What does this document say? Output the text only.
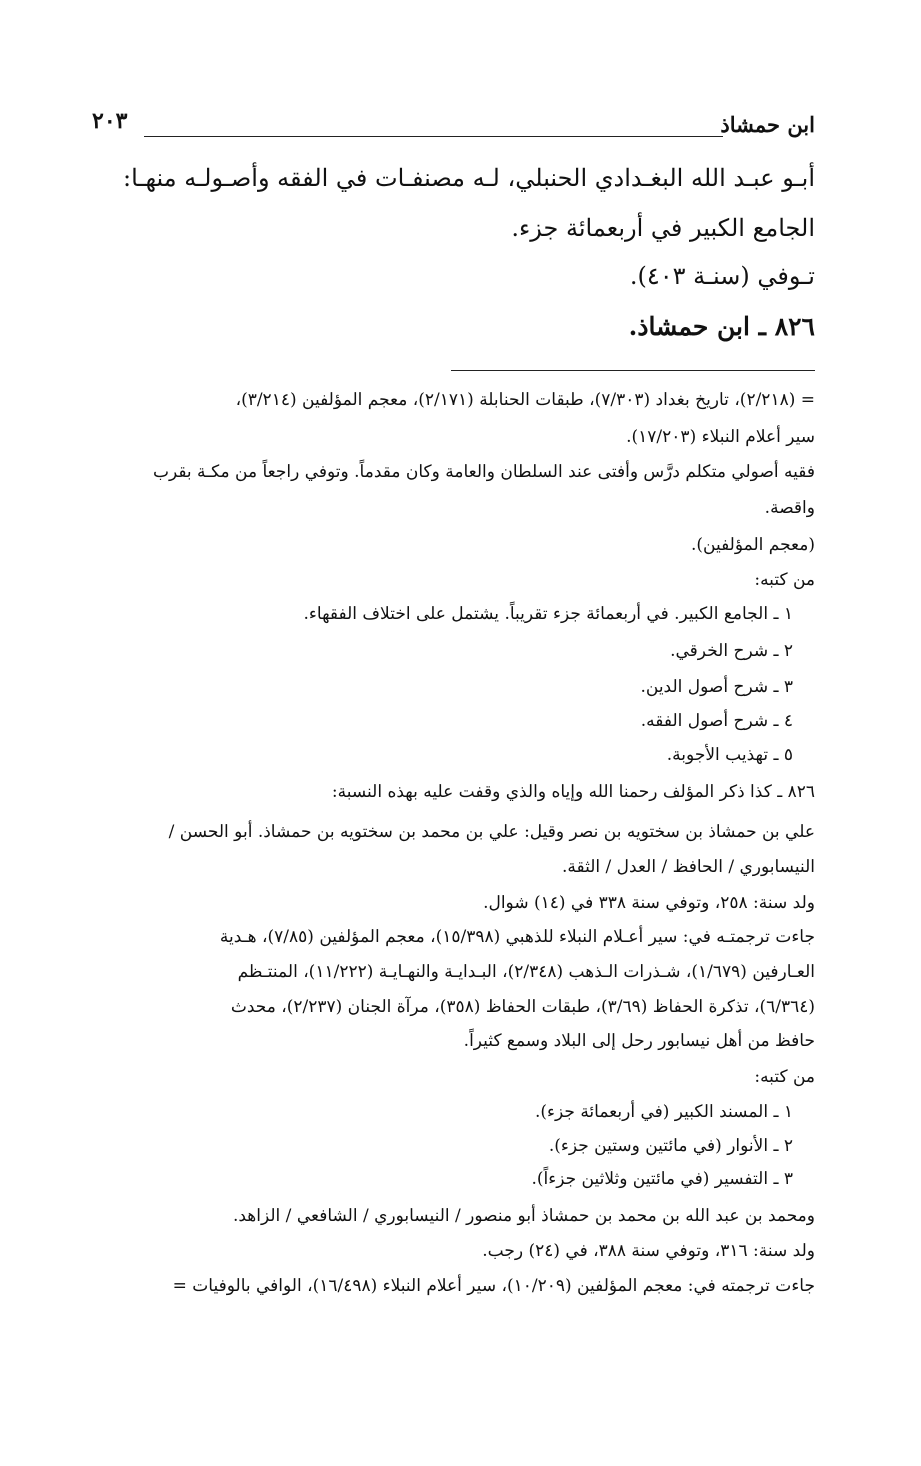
ابن حمشاذ
٢٠٣
أبـو عبـد الله البغـدادي الحنبلي، لـه مصنفـات في الفقه وأصـولـه منهـا:
الجامع الكبير في أربعمائة جزء.
تـوفي (سنـة ٤٠٣).
٨٢٦ ـ ابن حمشاذ.
= (٢/٢١٨)، تاريخ بغداد (٧/٣٠٣)، طبقات الحنابلة (٢/١٧١)، معجم المؤلفين (٣/٢١٤)،
سير أعلام النبلاء (١٧/٢٠٣).
فقيه أصولي متكلم درَّس وأفتى عند السلطان والعامة وكان مقدماً. وتوفي راجعاً من مكـة بقرب
واقصة.
(معجم المؤلفين).
من كتبه:
١ ـ الجامع الكبير. في أربعمائة جزء تقريباً. يشتمل على اختلاف الفقهاء.
٢ ـ شرح الخرقي.
٣ ـ شرح أصول الدين.
٤ ـ شرح أصول الفقه.
٥ ـ تهذيب الأجوبة.
٨٢٦ ـ كذا ذكر المؤلف رحمنا الله وإياه والذي وقفت عليه بهذه النسبة:
علي بن حمشاذ بن سختويه بن نصر وقيل: علي بن محمد بن سختويه بن حمشاذ. أبو الحسن /
النيسابوري / الحافظ / العدل / الثقة.
ولد سنة: ٢٥٨، وتوفي سنة ٣٣٨ في (١٤) شوال.
جاءت ترجمتـه في: سير أعـلام النبلاء للذهبي (١٥/٣٩٨)، معجم المؤلفين (٧/٨٥)، هـدية
العـارفين (١/٦٧٩)، شـذرات الـذهب (٢/٣٤٨)، البـدايـة والنهـايـة (١١/٢٢٢)، المنتـظم
(٦/٣٦٤)، تذكرة الحفاظ (٣/٦٩)، طبقات الحفاظ (٣٥٨)، مرآة الجنان (٢/٢٣٧)، محدث
حافظ من أهل نيسابور رحل إلى البلاد وسمع كثيراً.
من كتبه:
١ ـ المسند الكبير (في أربعمائة جزء).
٢ ـ الأنوار (في مائتين وستين جزء).
٣ ـ التفسير (في مائتين وثلاثين جزءاً).
ومحمد بن عبد الله بن محمد بن حمشاذ أبو منصور / النيسابوري / الشافعي / الزاهد.
ولد سنة: ٣١٦، وتوفي سنة ٣٨٨، في (٢٤) رجب.
جاءت ترجمته في: معجم المؤلفين (١٠/٢٠٩)، سير أعلام النبلاء (١٦/٤٩٨)، الوافي بالوفيات =
